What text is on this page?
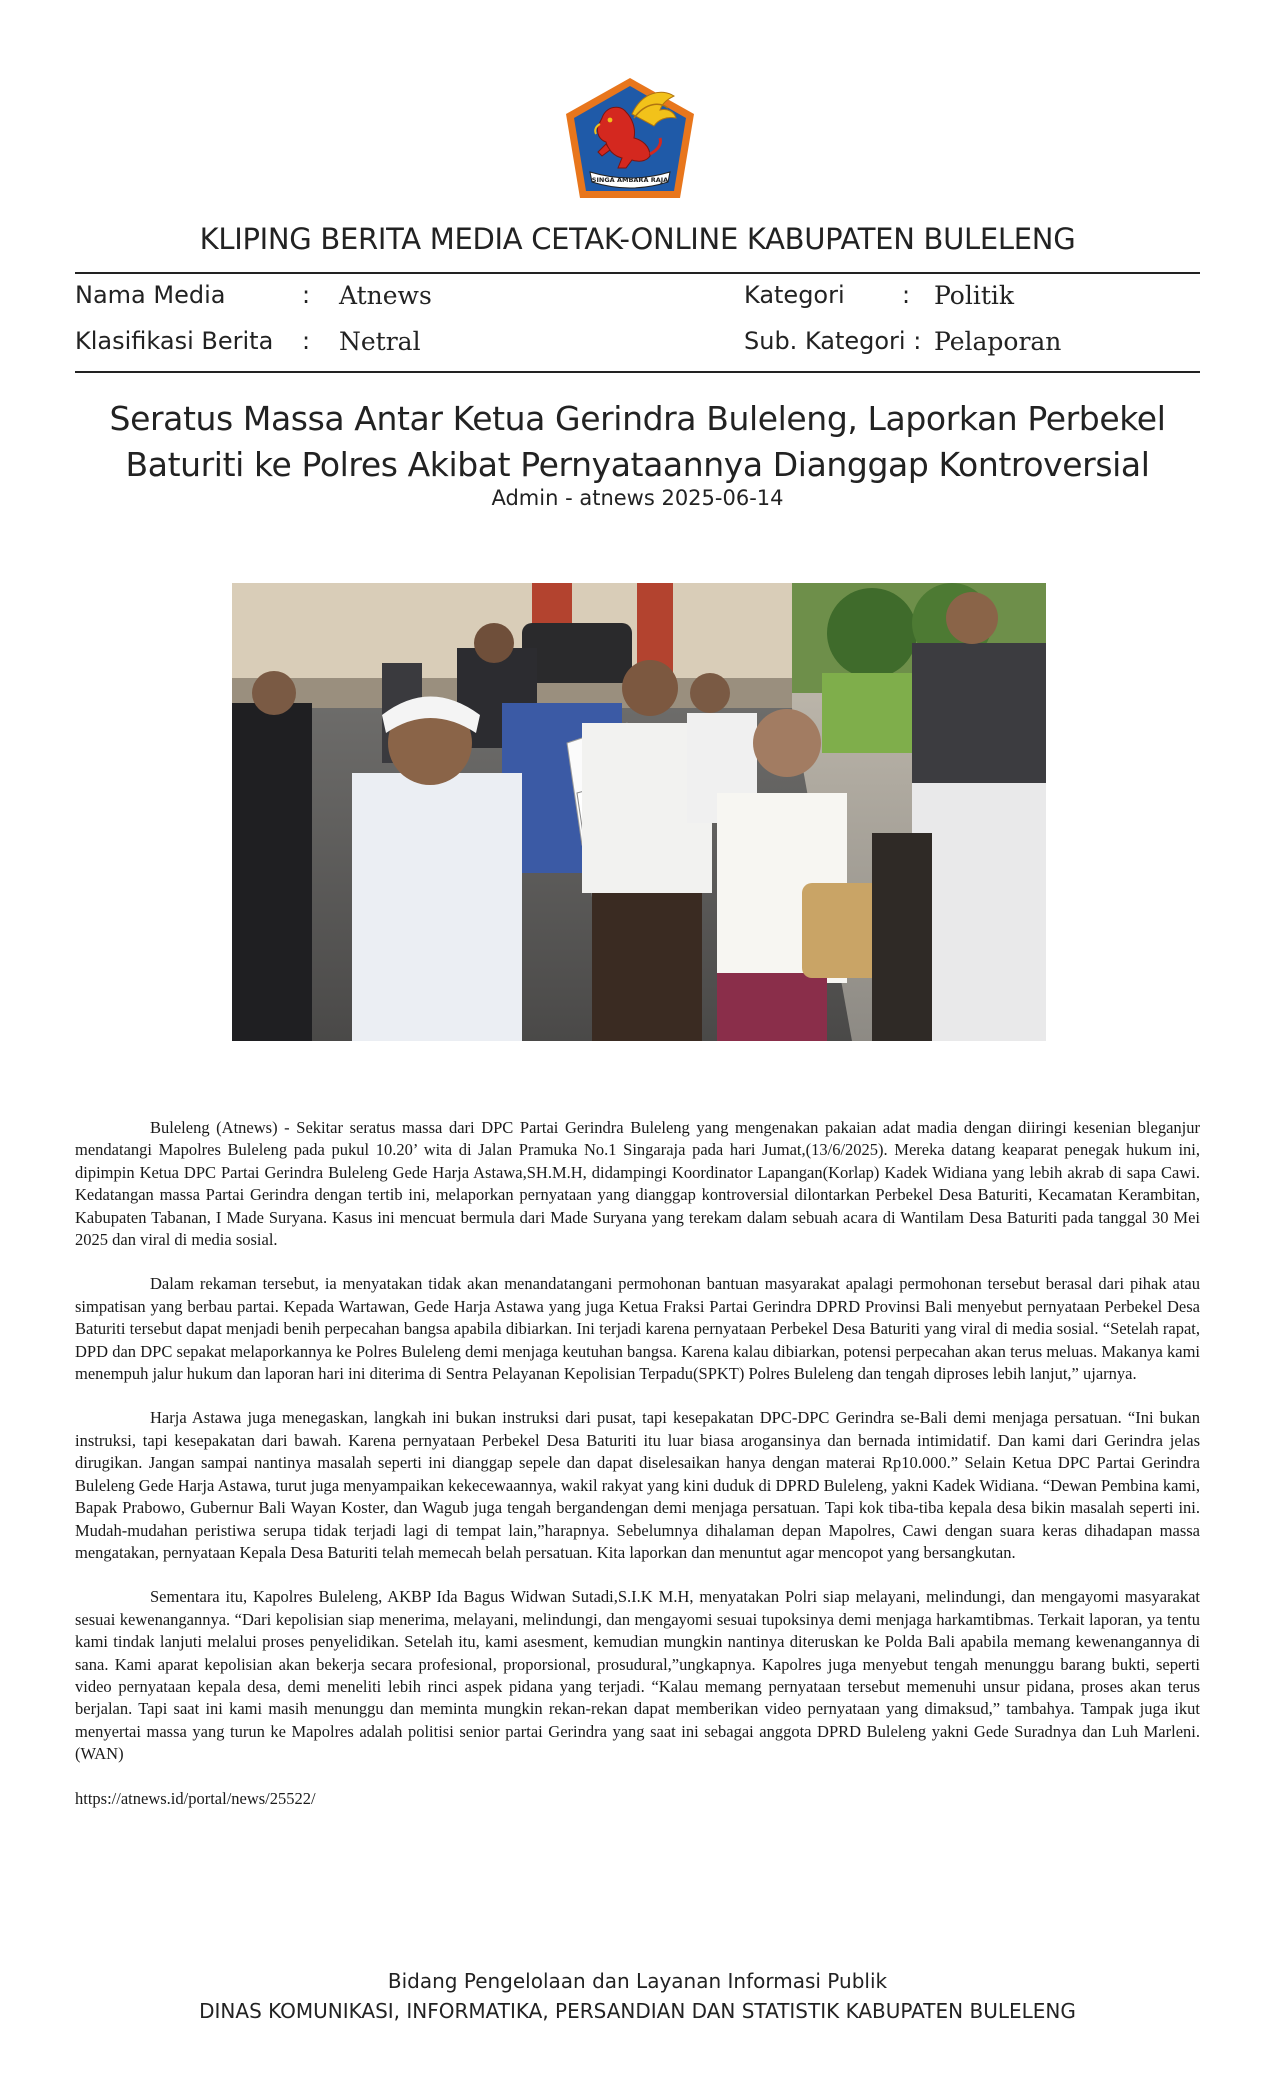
SINGA AMBARA RAJA
KLIPING BERITA MEDIA CETAK-ONLINE KABUPATEN BULELENG
Nama Media	: Atnews	Kategori : Politik
Klasifikasi Berita : Netral	Sub. Kategori : Pelaporan
Seratus Massa Antar Ketua Gerindra Buleleng, Laporkan Perbekel
Baturiti ke Polres Akibat Pernyataannya Dianggap Kontroversial
Admin - atnews 2025-06-14

Buleleng (Atnews) - Sekitar seratus massa dari DPC Partai Gerindra Buleleng yang mengenakan pakaian adat madia dengan diiringi kesenian bleganjur mendatangi Mapolres Buleleng pada pukul 10.20’ wita di Jalan Pramuka No.1 Singaraja pada hari Jumat,(13/6/2025). Mereka datang keaparat penegak hukum ini, dipimpin Ketua DPC Partai Gerindra Buleleng Gede Harja Astawa,SH.M.H, didampingi Koordinator Lapangan(Korlap) Kadek Widiana yang lebih akrab di sapa Cawi. Kedatangan massa Partai Gerindra dengan tertib ini, melaporkan pernyataan yang dianggap kontroversial dilontarkan Perbekel Desa Baturiti, Kecamatan Kerambitan, Kabupaten Tabanan, I Made Suryana. Kasus ini mencuat bermula dari Made Suryana yang terekam dalam sebuah acara di Wantilam Desa Baturiti pada tanggal 30 Mei 2025 dan viral di media sosial.

Dalam rekaman tersebut, ia menyatakan tidak akan menandatangani permohonan bantuan masyarakat apalagi permohonan tersebut berasal dari pihak atau simpatisan yang berbau partai. Kepada Wartawan, Gede Harja Astawa yang juga Ketua Fraksi Partai Gerindra DPRD Provinsi Bali menyebut pernyataan Perbekel Desa Baturiti tersebut dapat menjadi benih perpecahan bangsa apabila dibiarkan. Ini terjadi karena pernyataan Perbekel Desa Baturiti yang viral di media sosial. “Setelah rapat, DPD dan DPC sepakat melaporkannya ke Polres Buleleng demi menjaga keutuhan bangsa. Karena kalau dibiarkan, potensi perpecahan akan terus meluas. Makanya kami menempuh jalur hukum dan laporan hari ini diterima di Sentra Pelayanan Kepolisian Terpadu(SPKT) Polres Buleleng dan tengah diproses lebih lanjut,” ujarnya.

Harja Astawa juga menegaskan, langkah ini bukan instruksi dari pusat, tapi kesepakatan DPC-DPC Gerindra se-Bali demi menjaga persatuan. “Ini bukan instruksi, tapi kesepakatan dari bawah. Karena pernyataan Perbekel Desa Baturiti itu luar biasa arogansinya dan bernada intimidatif. Dan kami dari Gerindra jelas dirugikan. Jangan sampai nantinya masalah seperti ini dianggap sepele dan dapat diselesaikan hanya dengan materai Rp10.000.” Selain Ketua DPC Partai Gerindra Buleleng Gede Harja Astawa, turut juga menyampaikan kekecewaannya, wakil rakyat yang kini duduk di DPRD Buleleng, yakni Kadek Widiana. “Dewan Pembina kami, Bapak Prabowo, Gubernur Bali Wayan Koster, dan Wagub juga tengah bergandengan demi menjaga persatuan. Tapi kok tiba-tiba kepala desa bikin masalah seperti ini. Mudah-mudahan peristiwa serupa tidak terjadi lagi di tempat lain,”harapnya. Sebelumnya dihalaman depan Mapolres, Cawi dengan suara keras dihadapan massa mengatakan, pernyataan Kepala Desa Baturiti telah memecah belah persatuan. Kita laporkan dan menuntut agar mencopot yang bersangkutan.

Sementara itu, Kapolres Buleleng, AKBP Ida Bagus Widwan Sutadi,S.I.K M.H, menyatakan Polri siap melayani, melindungi, dan mengayomi masyarakat sesuai kewenangannya. “Dari kepolisian siap menerima, melayani, melindungi, dan mengayomi sesuai tupoksinya demi menjaga harkamtibmas. Terkait laporan, ya tentu kami tindak lanjuti melalui proses penyelidikan. Setelah itu, kami asesment, kemudian mungkin nantinya diteruskan ke Polda Bali apabila memang kewenangannya di sana. Kami aparat kepolisian akan bekerja secara profesional, proporsional, prosudural,”ungkapnya. Kapolres juga menyebut tengah menunggu barang bukti, seperti video pernyataan kepala desa, demi meneliti lebih rinci aspek pidana yang terjadi. “Kalau memang pernyataan tersebut memenuhi unsur pidana, proses akan terus berjalan. Tapi saat ini kami masih menunggu dan meminta mungkin rekan-rekan dapat memberikan video pernyataan yang dimaksud,” tambahya. Tampak juga ikut menyertai massa yang turun ke Mapolres adalah politisi senior partai Gerindra yang saat ini sebagai anggota DPRD Buleleng yakni Gede Suradnya dan Luh Marleni.(WAN)

https://atnews.id/portal/news/25522/
Bidang Pengelolaan dan Layanan Informasi Publik
DINAS KOMUNIKASI, INFORMATIKA, PERSANDIAN DAN STATISTIK KABUPATEN BULELENG
